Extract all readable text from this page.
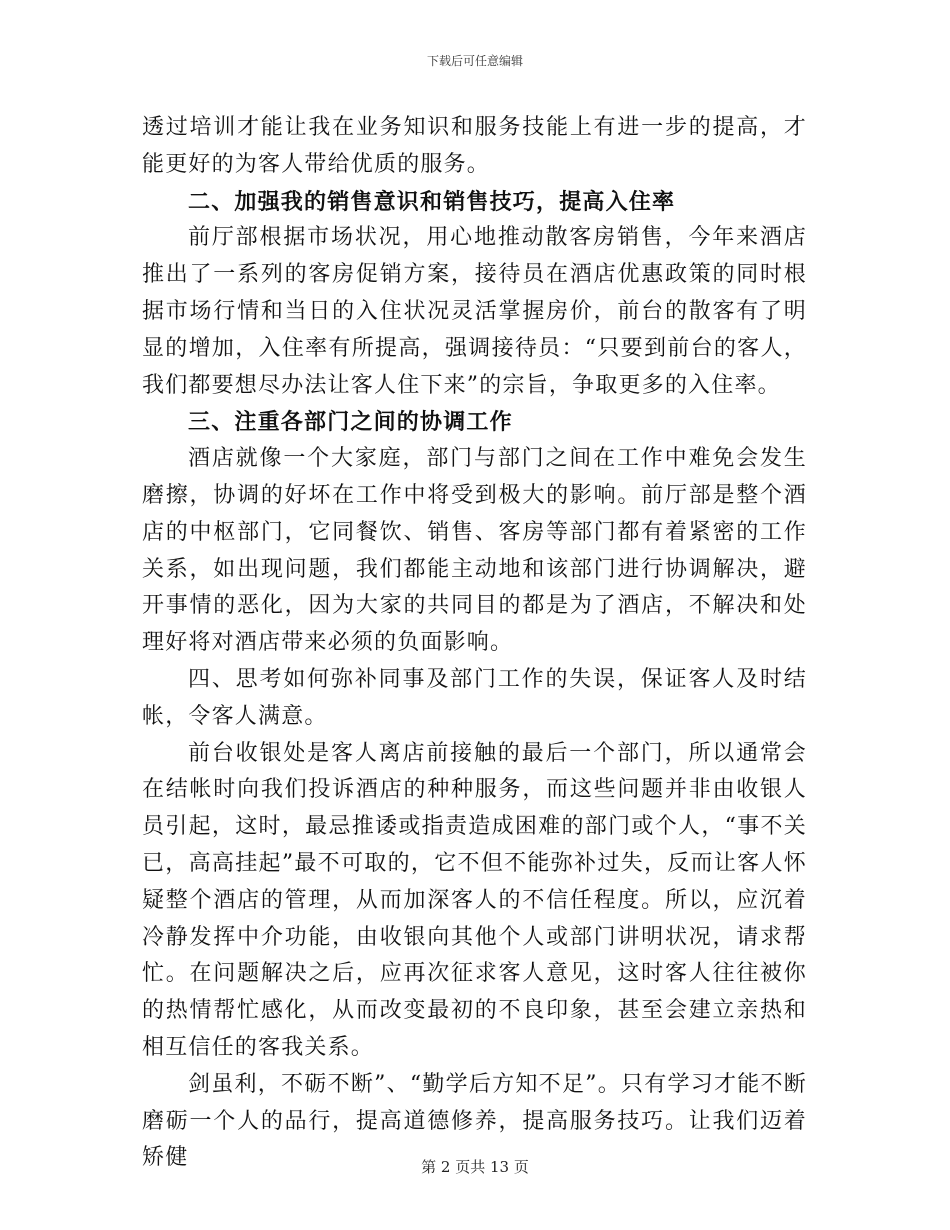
下载后可任意编辑

透过培训才能让我在业务知识和服务技能上有进一步的提高，才能更好的为客人带给优质的服务。

二、加强我的销售意识和销售技巧，提高入住率

前厅部根据市场状况，用心地推动散客房销售，今年来酒店推出了一系列的客房促销方案，接待员在酒店优惠政策的同时根据市场行情和当日的入住状况灵活掌握房价，前台的散客有了明显的增加，入住率有所提高，强调接待员：“只要到前台的客人，我们都要想尽办法让客人住下来”的宗旨，争取更多的入住率。

三、注重各部门之间的协调工作

酒店就像一个大家庭，部门与部门之间在工作中难免会发生磨擦，协调的好坏在工作中将受到极大的影响。前厅部是整个酒店的中枢部门，它同餐饮、销售、客房等部门都有着紧密的工作关系，如出现问题，我们都能主动地和该部门进行协调解决，避开事情的恶化，因为大家的共同目的都是为了酒店，不解决和处理好将对酒店带来必须的负面影响。

四、思考如何弥补同事及部门工作的失误，保证客人及时结帐，令客人满意。

前台收银处是客人离店前接触的最后一个部门，所以通常会在结帐时向我们投诉酒店的种种服务，而这些问题并非由收银人员引起，这时，最忌推诿或指责造成困难的部门或个人，“事不关已，高高挂起”最不可取的，它不但不能弥补过失，反而让客人怀疑整个酒店的管理，从而加深客人的不信任程度。所以，应沉着冷静发挥中介功能，由收银向其他个人或部门讲明状况，请求帮忙。在问题解决之后，应再次征求客人意见，这时客人往往被你的热情帮忙感化，从而改变最初的不良印象，甚至会建立亲热和相互信任的客我关系。

剑虽利，不砺不断”、“勤学后方知不足”。只有学习才能不断磨砺一个人的品行，提高道德修养，提高服务技巧。让我们迈着矫健	第 2 页共 13 页
